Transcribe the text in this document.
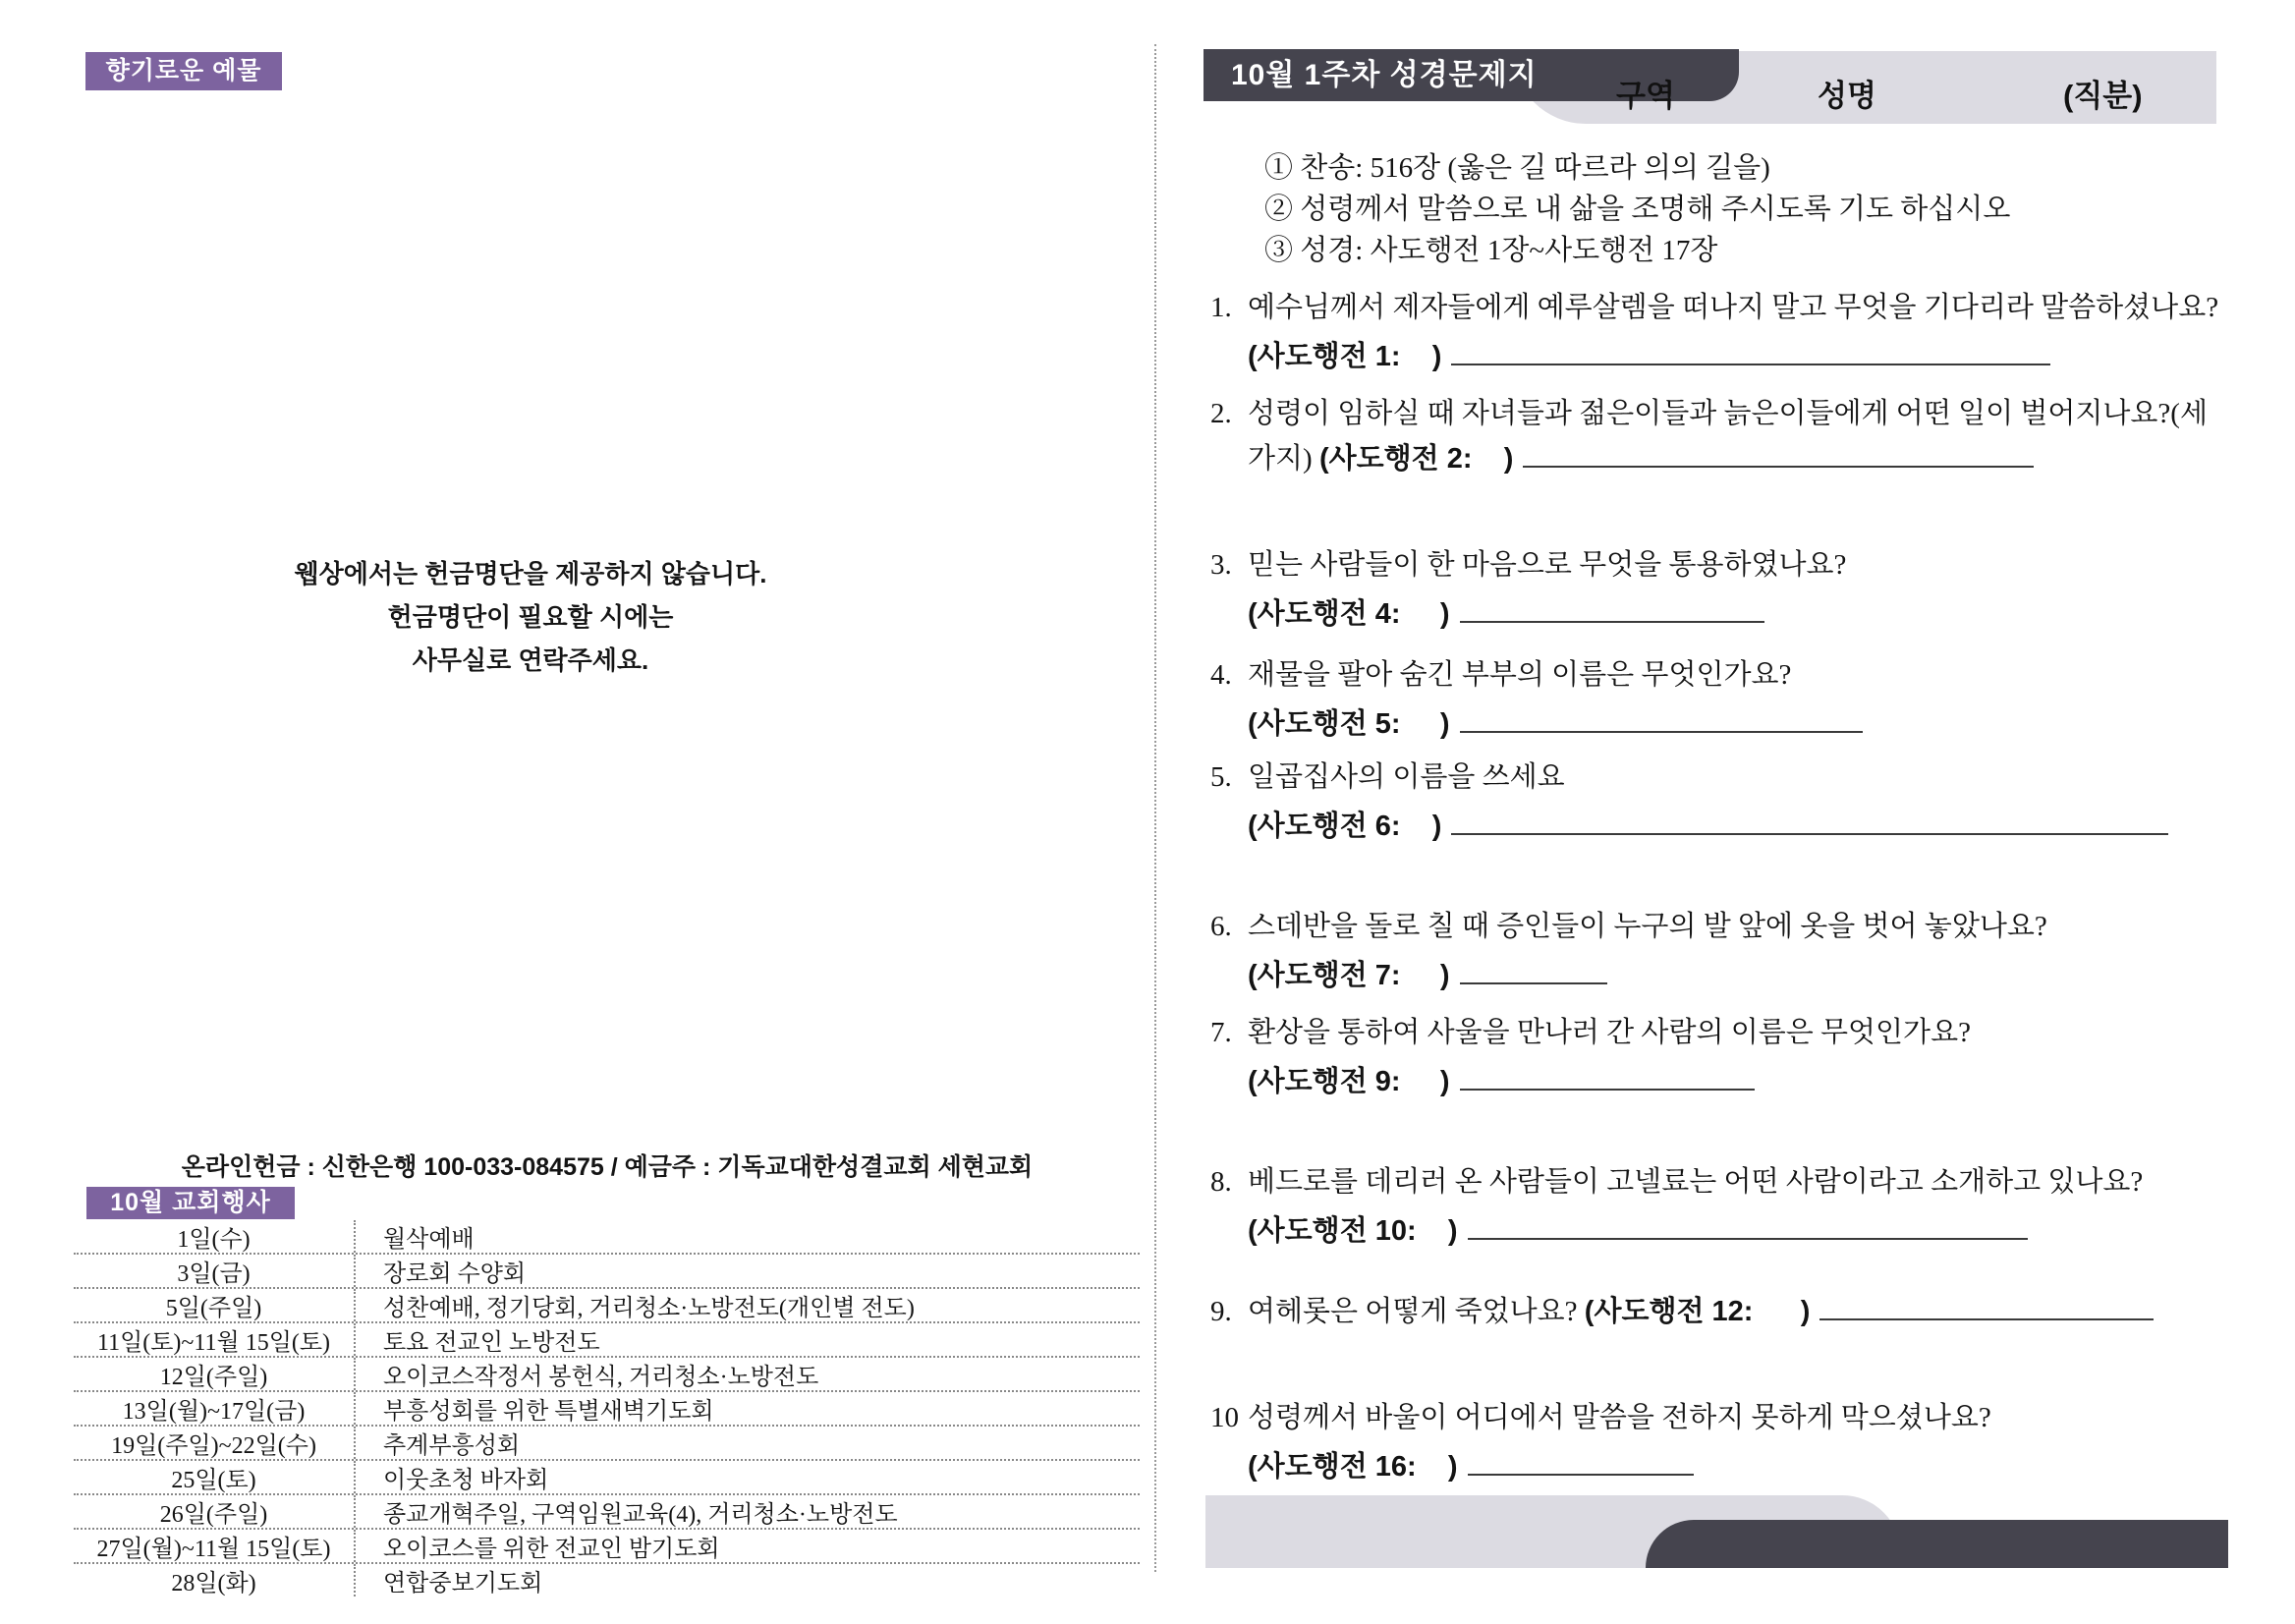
향기로운 예물
웹상에서는 헌금명단을 제공하지 않습니다.
헌금명단이 필요할 시에는
사무실로 연락주세요.
온라인헌금 : 신한은행 100-033-084575 / 예금주 : 기독교대한성결교회 세현교회
10월 교회행사
1일(수)	월삭예배
3일(금)	장로회 수양회
5일(주일)	성찬예배, 정기당회, 거리청소·노방전도(개인별 전도)
11일(토)~11월 15일(토)	토요 전교인 노방전도
12일(주일)	오이코스작정서 봉헌식, 거리청소·노방전도
13일(월)~17일(금)	부흥성회를 위한 특별새벽기도회
19일(주일)~22일(수)	추계부흥성회
25일(토)	이웃초청 바자회
26일(주일)	종교개혁주일, 구역임원교육(4), 거리청소·노방전도
27일(월)~11월 15일(토)	오이코스를 위한 전교인 밤기도회
28일(화)	연합중보기도회
10월 1주차 성경문제지
구역	성명	(직분)
① 찬송: 516장 (옳은 길 따르라 의의 길을)
② 성령께서 말씀으로 내 삶을 조명해 주시도록 기도 하십시오
③ 성경: 사도행전 1장~사도행전 17장
1. 예수님께서 제자들에게 예루살렘을 떠나지 말고 무엇을 기다리라 말씀하셨나요?
(사도행전 1:    )
2. 성령이 임하실 때 자녀들과 젊은이들과 늙은이들에게 어떤 일이 벌어지나요?(세 가지) (사도행전 2:    )
3. 믿는 사람들이 한 마음으로 무엇을 통용하였나요?
(사도행전 4:     )
4. 재물을 팔아 숨긴 부부의 이름은 무엇인가요?
(사도행전 5:     )
5. 일곱집사의 이름을 쓰세요
(사도행전 6:    )
6. 스데반을 돌로 칠 때 증인들이 누구의 발 앞에 옷을 벗어 놓았나요?
(사도행전 7:     )
7. 환상을 통하여 사울을 만나러 간 사람의 이름은 무엇인가요?
(사도행전 9:     )
8. 베드로를 데리러 온 사람들이 고넬료는 어떤 사람이라고 소개하고 있나요?
(사도행전 10:    )
9. 여헤롯은 어떻게 죽었나요? (사도행전 12:      )
10 성령께서 바울이 어디에서 말씀을 전하지 못하게 막으셨나요?
(사도행전 16:    )
